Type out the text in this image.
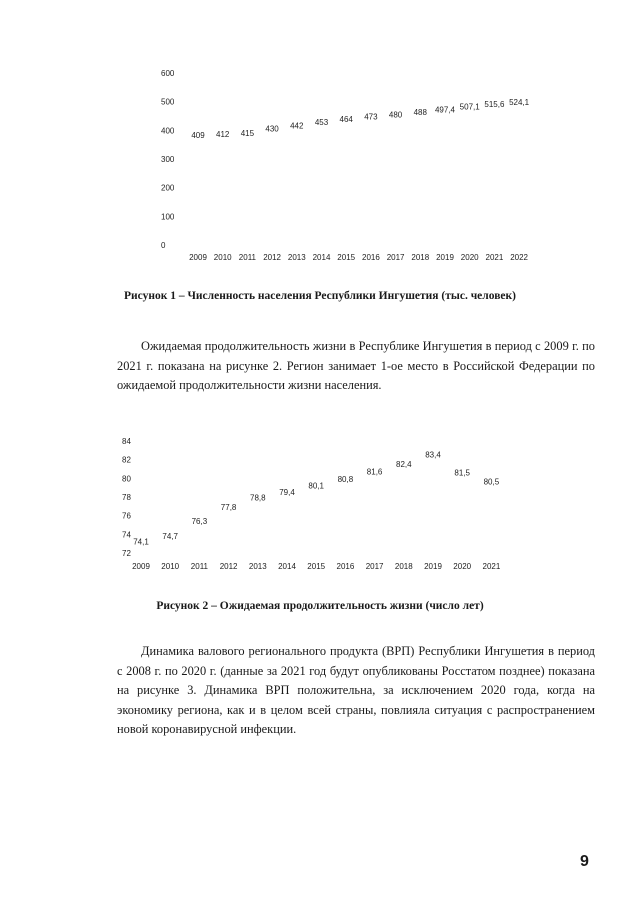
0
100
200
300
400
500
600
2009 2010 2011 2012 2013 2014 2015 2016 2017 2018 2019 2020 2021 2022
409 412 415 430 442 453 464 473 480 488 497,4 507,1 515,6 524,1

Рисунок 1 – Численность населения Республики Ингушетия (тыс. человек)

Ожидаемая продолжительность жизни в Республике Ингушетия в период с 2009 г. по 2021 г. показана на рисунке 2. Регион занимает 1-ое место в Российской Федерации по ожидаемой продолжительности жизни населения.

72
74
76
78
80
82
84
2009 2010 2011 2012 2013 2014 2015 2016 2017 2018 2019 2020 2021
74,1
74,7
76,3
77,8
78,8
79,4
80,1
80,8
81,6
82,4
83,4
81,5
80,5

Рисунок 2 – Ожидаемая продолжительность жизни (число лет)

Динамика валового регионального продукта (ВРП) Республики Ингушетия в период с 2008 г. по 2020 г. (данные за 2021 год будут опубликованы Росстатом позднее) показана на рисунке 3. Динамика ВРП положительна, за исключением 2020 года, когда на экономику региона, как и в целом всей страны, повлияла ситуация с распространением новой коронавирусной инфекции.

9
